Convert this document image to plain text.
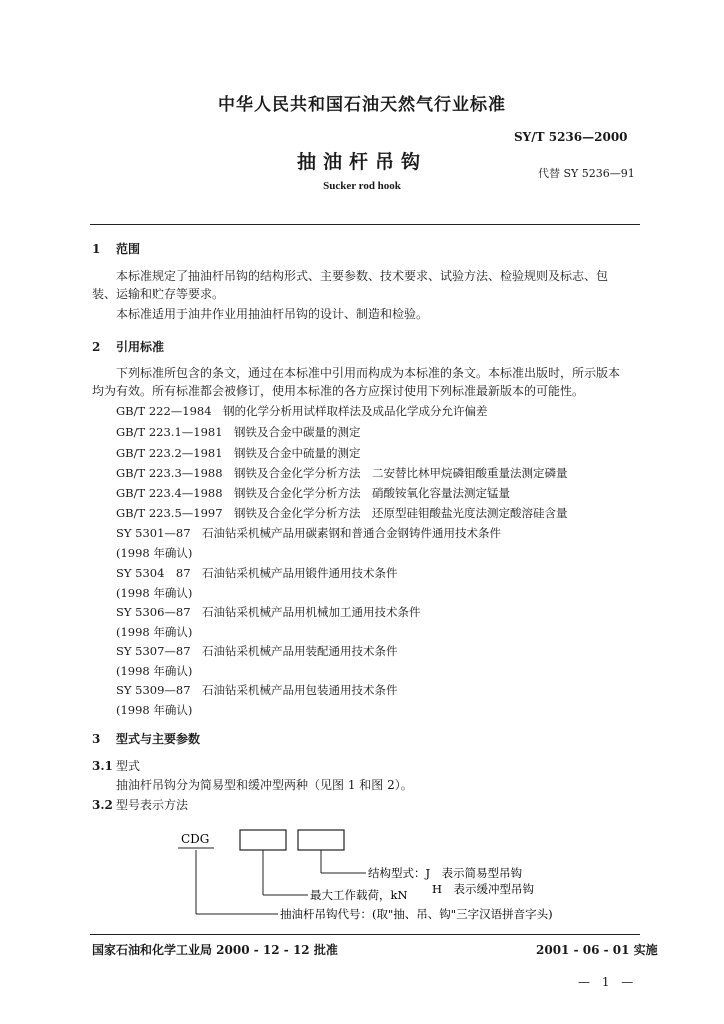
中华人民共和国石油天然气行业标准
SY/T 5236—2000
抽油杆吊钩
代替 SY 5236—91
Sucker rod hook
1 范围
本标准规定了抽油杆吊钩的结构形式、主要参数、技术要求、试验方法、检验规则及标志、包
装、运输和贮存等要求。
本标准适用于油井作业用抽油杆吊钩的设计、制造和检验。
2 引用标准
下列标准所包含的条文，通过在本标准中引用而构成为本标准的条文。本标准出版时，所示版本
均为有效。所有标准都会被修订，使用本标准的各方应探讨使用下列标准最新版本的可能性。
GB/T 222—1984　 钢的化学分析用试样取样法及成品化学成分允许偏差
GB/T 223.1—1981　 钢铁及合金中碳量的测定
GB/T 223.2—1981　 钢铁及合金中硫量的测定
GB/T 223.3—1988　 钢铁及合金化学分析方法　二安替比林甲烷磷钼酸重量法测定磷量
GB/T 223.4—1988　 钢铁及合金化学分析方法　硝酸铵氧化容量法测定锰量
GB/T 223.5—1997　 钢铁及合金化学分析方法　还原型硅钼酸盐光度法测定酸溶硅含量
SY 5301—87　 石油钻采机械产品用碳素钢和普通合金钢铸件通用技术条件
(1998 年确认)
SY 5304　87　 石油钻采机械产品用锻件通用技术条件
(1998 年确认)
SY 5306—87　 石油钻采机械产品用机械加工通用技术条件
(1998 年确认)
SY 5307—87　 石油钻采机械产品用装配通用技术条件
(1998 年确认)
SY 5309—87　 石油钻采机械产品用包装通用技术条件
(1998 年确认)
3 型式与主要参数
3.1 型式
抽油杆吊钩分为简易型和缓冲型两种（见图 1 和图 2）。
3.2 型号表示方法
CDG
结构型式：J　表示简易型吊钩
H　表示缓冲型吊钩
最大工作载荷，kN
抽油杆吊钩代号：(取"抽、吊、钩"三字汉语拼音字头)
国家石油和化学工业局 2000 - 12 - 12 批准	2001 - 06 - 01 实施
— 1 —
